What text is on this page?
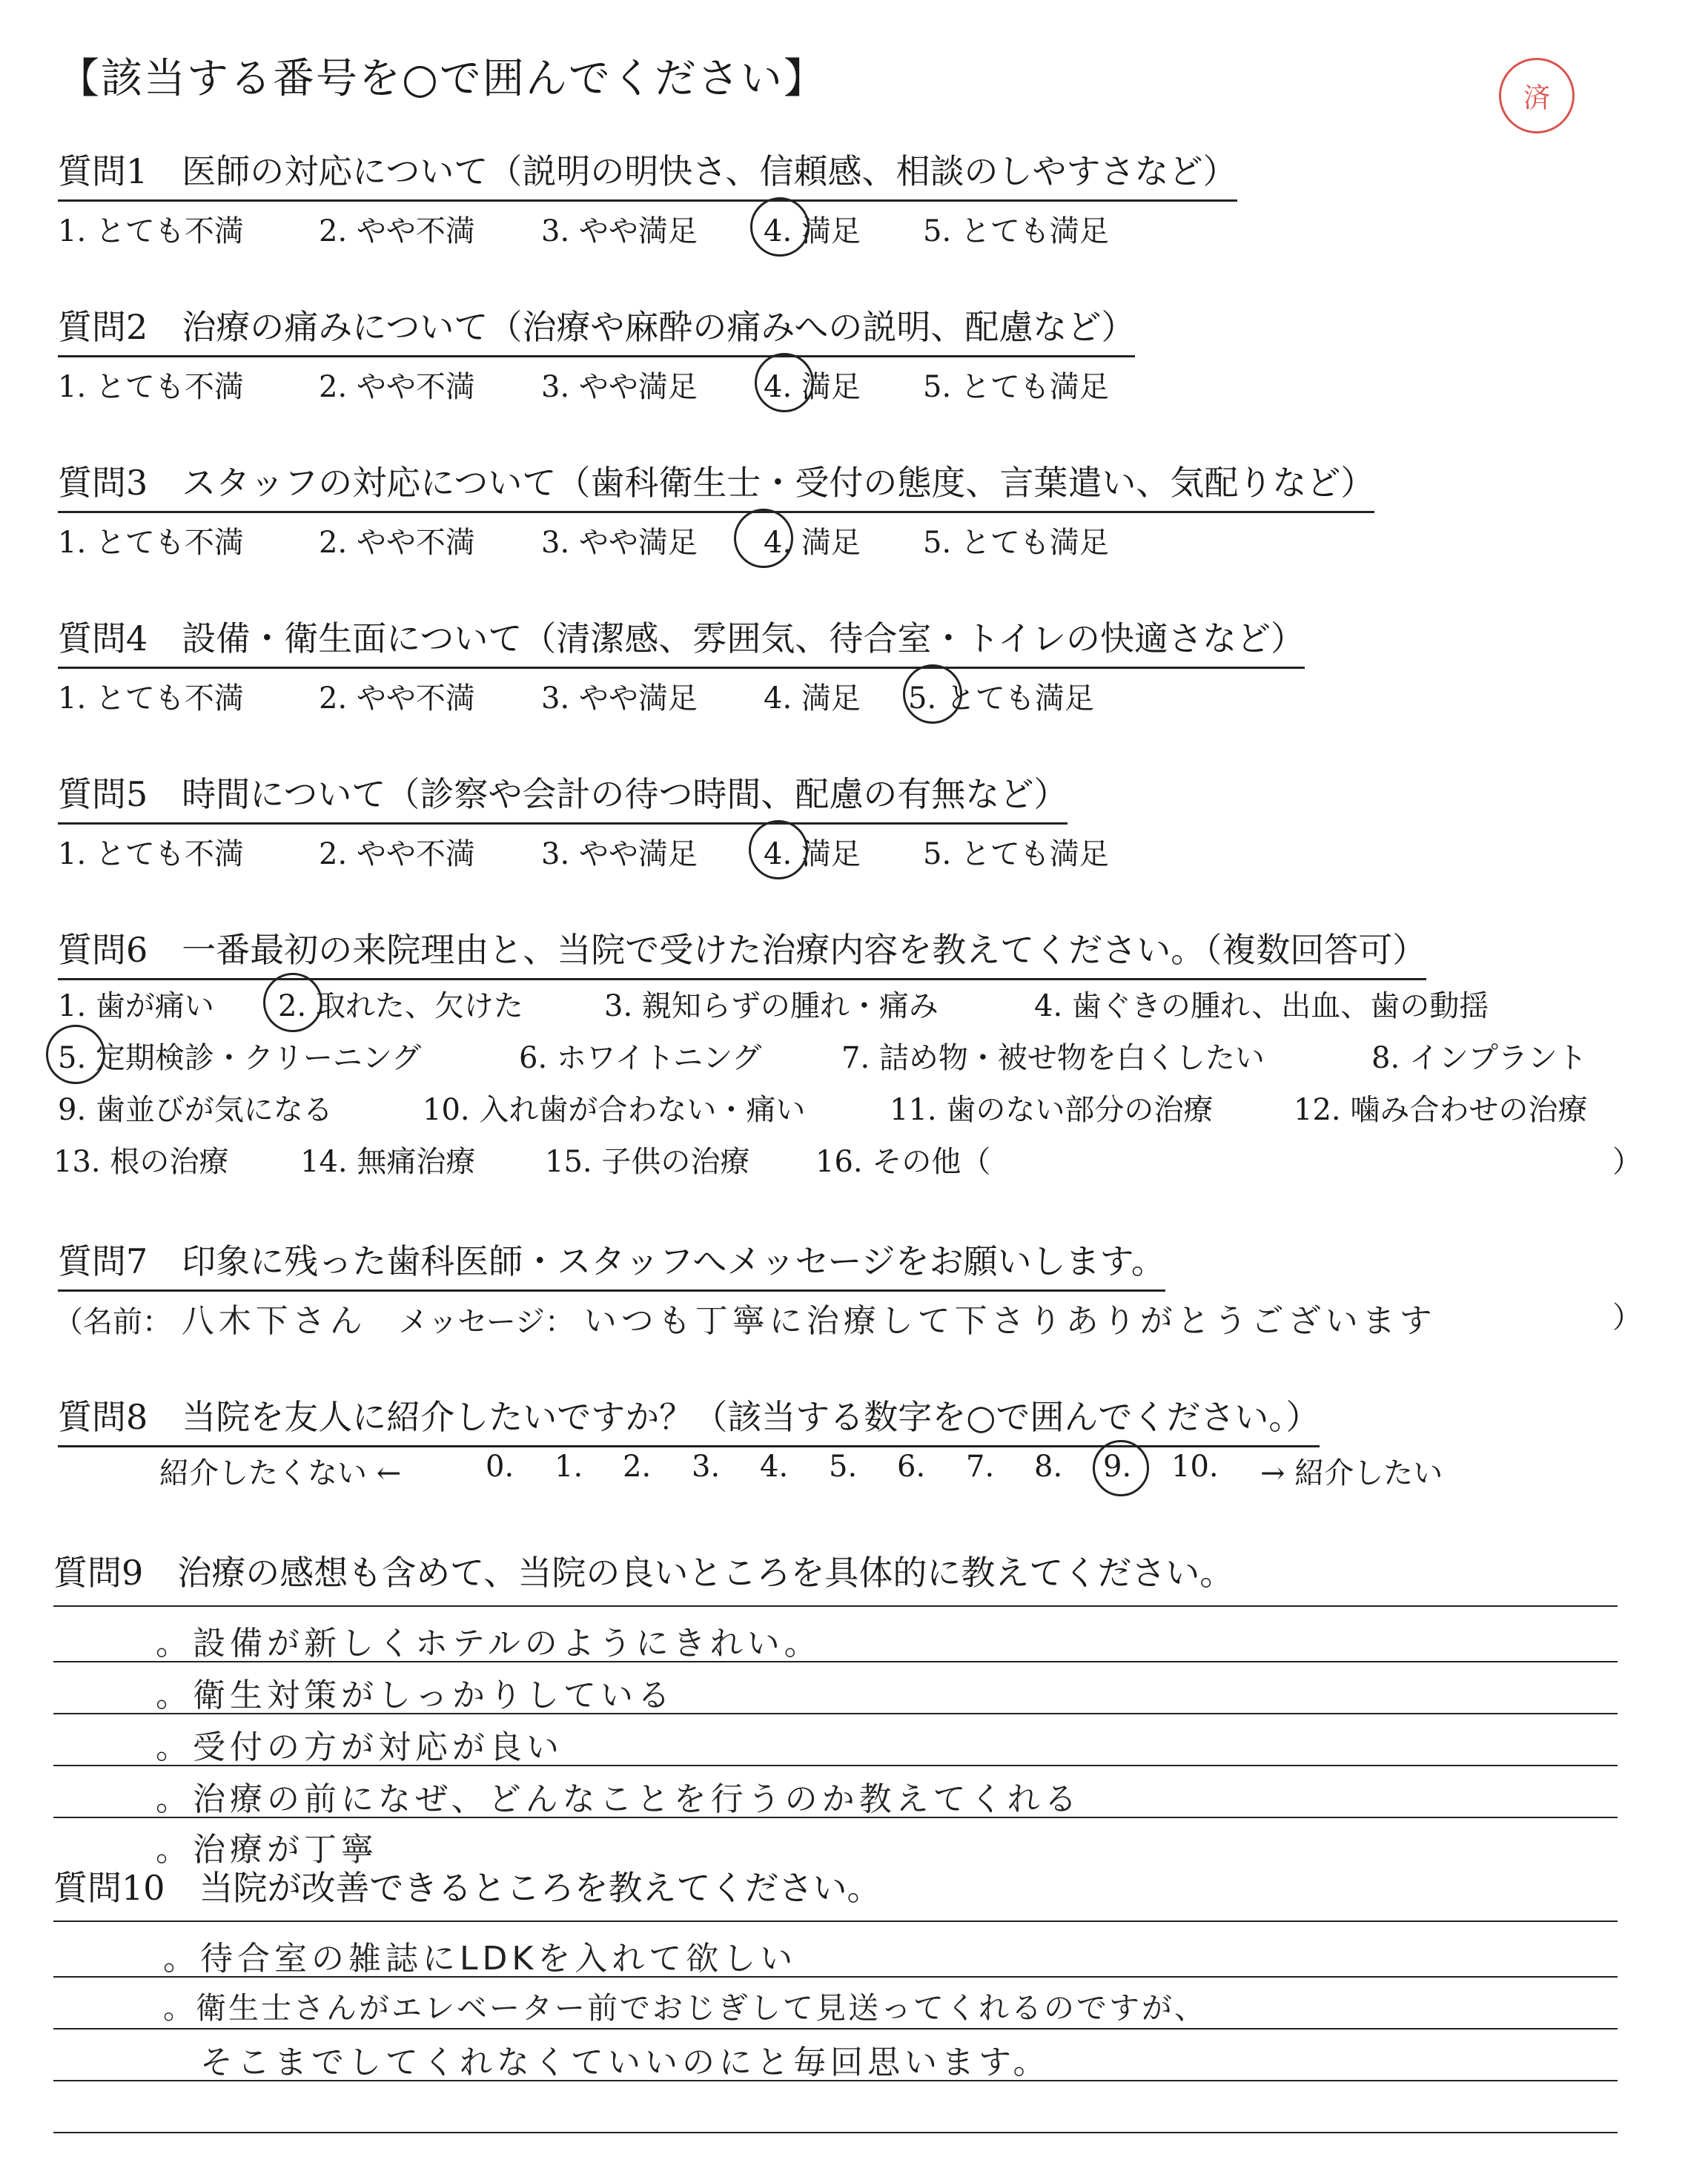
【該当する番号を○で囲んでください】	済
質問1　医師の対応について（説明の明快さ、信頼感、相談のしやすさなど）
1. とても不満	2. やや不満 3. やや満足 4. 満足 5. とても満足
質問2　治療の痛みについて（治療や麻酔の痛みへの説明、配慮など）
1. とても不満	2. やや不満 3. やや満足 4. 満足 5. とても満足
質問3　スタッフの対応について（歯科衛生士・受付の態度、言葉遣い、気配りなど）
1. とても不満	2. やや不満 3. やや満足 4. 満足 5. とても満足
質問4　設備・衛生面について（清潔感、雰囲気、待合室・トイレの快適さなど）
1. とても不満	2. やや不満 3. やや満足 4. 満足 5. とても満足
質問5　時間について（診察や会計の待つ時間、配慮の有無など）
1. とても不満	2. やや不満 3. やや満足 4. 満足 5. とても満足
質問6　一番最初の来院理由と、当院で受けた治療内容を教えてください。（複数回答可）
1. 歯が痛い 2. 取れた、欠けた	3. 親知らずの腫れ・痛み	4. 歯ぐきの腫れ、出血、歯の動揺
5. 定期検診・クリーニング	6. ホワイトニング	7. 詰め物・被せ物を白くしたい	8. インプラント
9. 歯並びが気になる	10. 入れ歯が合わない・痛い	11. 歯のない部分の治療	12. 噛み合わせの治療
13. 根の治療 14. 無痛治療 15. 子供の治療 16. その他（	）
質問7　印象に残った歯科医師・スタッフへメッセージをお願いします。
（名前： 八木下さん メッセージ： いつも丁寧に治療して下さりありがとうございます	）
質問8　当院を友人に紹介したいですか？（該当する数字を○で囲んでください。）
紹介したくない ←	0. 1. 2. 3. 4. 5. 6. 7. 8. 9. 10. → 紹介したい
質問9　治療の感想も含めて、当院の良いところを具体的に教えてください。
。設備が新しくホテルのようにきれい。
。衛生対策がしっかりしている
。受付の方が対応が良い
。治療の前になぜ、どんなことを行うのか教えてくれる
。治療が丁寧
質問10　当院が改善できるところを教えてください。
。待合室の雑誌にLDKを入れて欲しい
。衛生士さんがエレベーター前でおじぎして見送ってくれるのですが、
そこまでしてくれなくていいのにと毎回思います。
